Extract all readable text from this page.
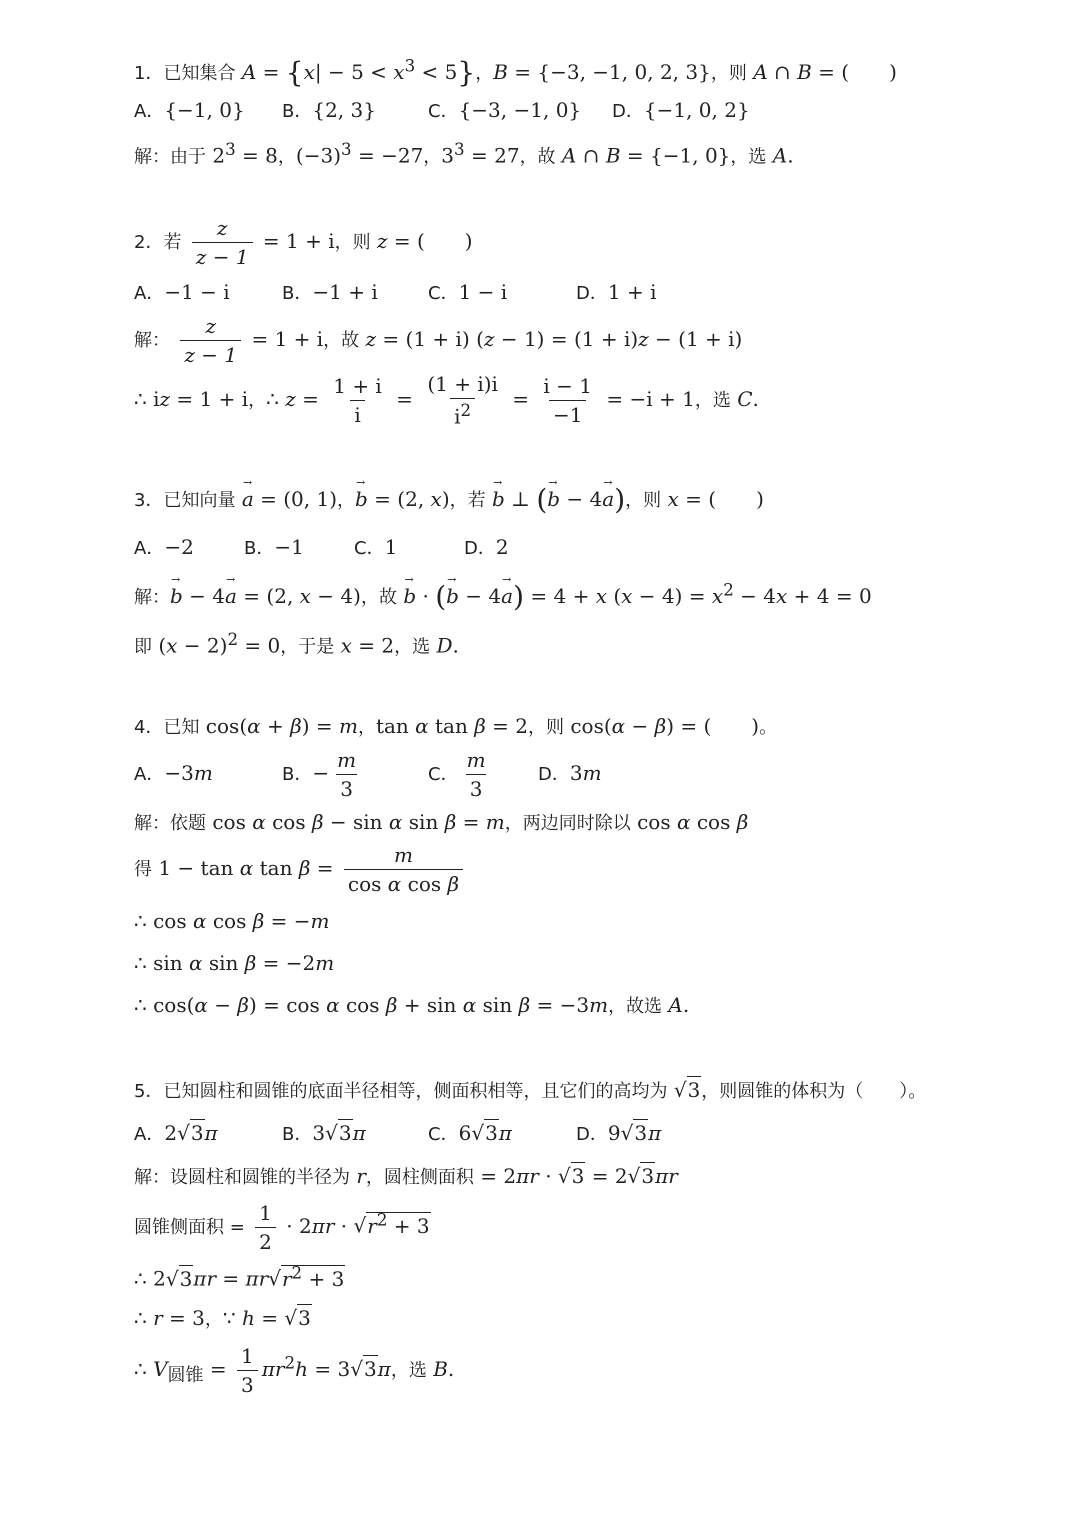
1．已知集合 $A = \{x| - 5 < x^3 < 5\}$，B = {−3, −1, 0, 2, 3}，则 A ∩ B = (　　)
A．{−1, 0} B．{2, 3}	C．{−3, −1, 0} D．{−1, 0, 2}
解：由于 $2^3 = 8$，$(-3)^3 = -27$，$3^3 = 27$，故 A ∩ B = {−1, 0}，选 A.
2．若 $\frac{z}{z - 1} = 1 + i$，则 z = (　　)
A．−1 − i	B．−1 + i	C．1 − i	D．1 + i
解： $\frac{z}{z - 1} = 1 + i$，故 z = (1 + i) (z − 1) = (1 + i)z − (1 + i)
∴ iz = 1 + i，∴ $z = \frac{1 + i}{i} = \frac{(1 + i)i}{i^2} = \frac{i - 1}{-1} = -i + 1$，选 C.
3．已知向量 → a = (0, 1)，→ b = (2, x)，若 → b ⊥ (→ b − 4→ a)，则 x = (　　)
A．−2	B．−1	C．1	D．2
解：→ b − 4→ a = (2, x − 4)，故 → b · (→ b − 4→ a) = 4 + x $(x - 4) = x^2 - 4x + 4 = 0$
即 $(x - 2)^2 = 0$，于是 x = 2，选 D.
4．已知 cos(α + β) = m，tan α tan β = 2，则 cos(α − β) = (　　)。
A．−3m	B．− $\frac{m}{3}$	C． $\frac{m}{3}$	D．3m
解：依题 cos α cos β − sin α sin β = m，两边同时除以 cos α cos β
得 1 − tan α $\tan \beta = \frac{m}{\text{cos α cos β}}$
∴ cos α cos β = −m
∴ sin α sin β = −2m
∴ cos(α − β) = cos α cos β + sin α sin β = −3m，故选 A.
5．已知圆柱和圆锥的底面半径相等，侧面积相等，且它们的高均为 √3，则圆锥的体积为（　　）。
A．2√3π	B．3√3π	C．6√3π	D．9√3π
解：设圆柱和圆锥的半径为 r，圆柱侧面积 = 2πr · √3 = 2√3πr
圆锥侧面积 = $\frac{1}{2} \cdot 2\pi r \cdot √r^2 + 3$
∴ $2√3\pi r = \pi r√r^2 + 3$
∴ r = 3，∵ h = √3
∴ $V_{圆锥} = \frac{1}{3} \pi r^2h = 3√3\pi$，选 B.
